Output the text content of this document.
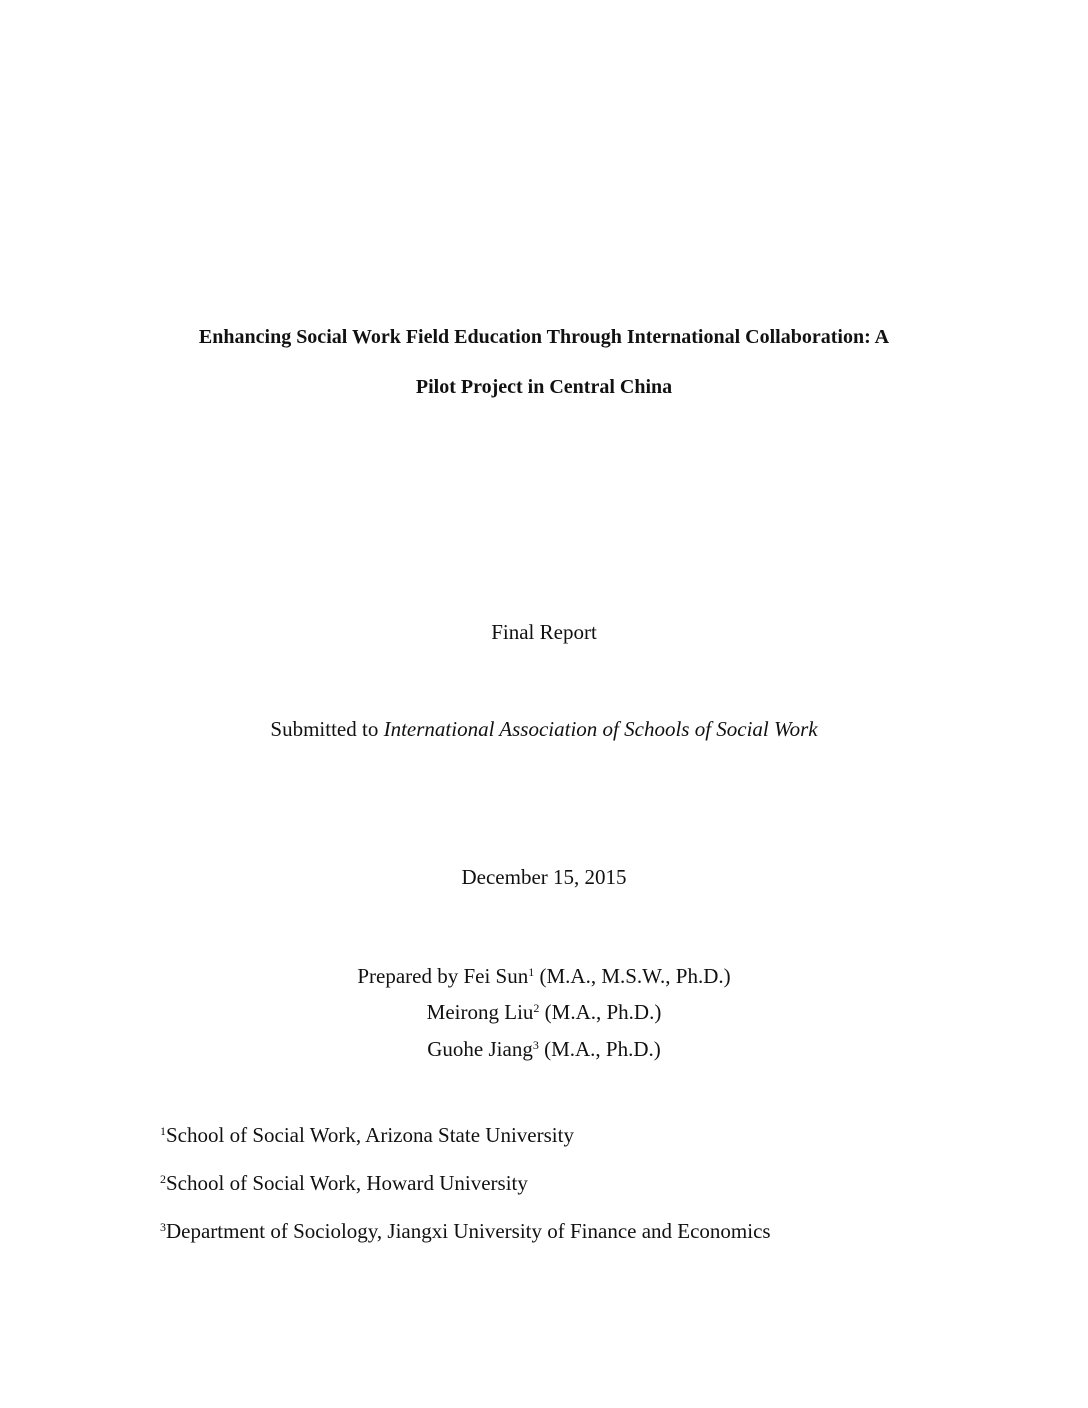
Enhancing Social Work Field Education Through International Collaboration: A
Pilot Project in Central China
Final Report
Submitted to International Association of Schools of Social Work
December 15, 2015
Prepared by Fei Sun$^1$ (M.A., M.S.W., Ph.D.)
Meirong Liu$^2$ (M.A., Ph.D.)
Guohe Jiang$^3$ (M.A., Ph.D.)
$^1$School of Social Work, Arizona State University
$^2$School of Social Work, Howard University
$^3$Department of Sociology, Jiangxi University of Finance and Economics
